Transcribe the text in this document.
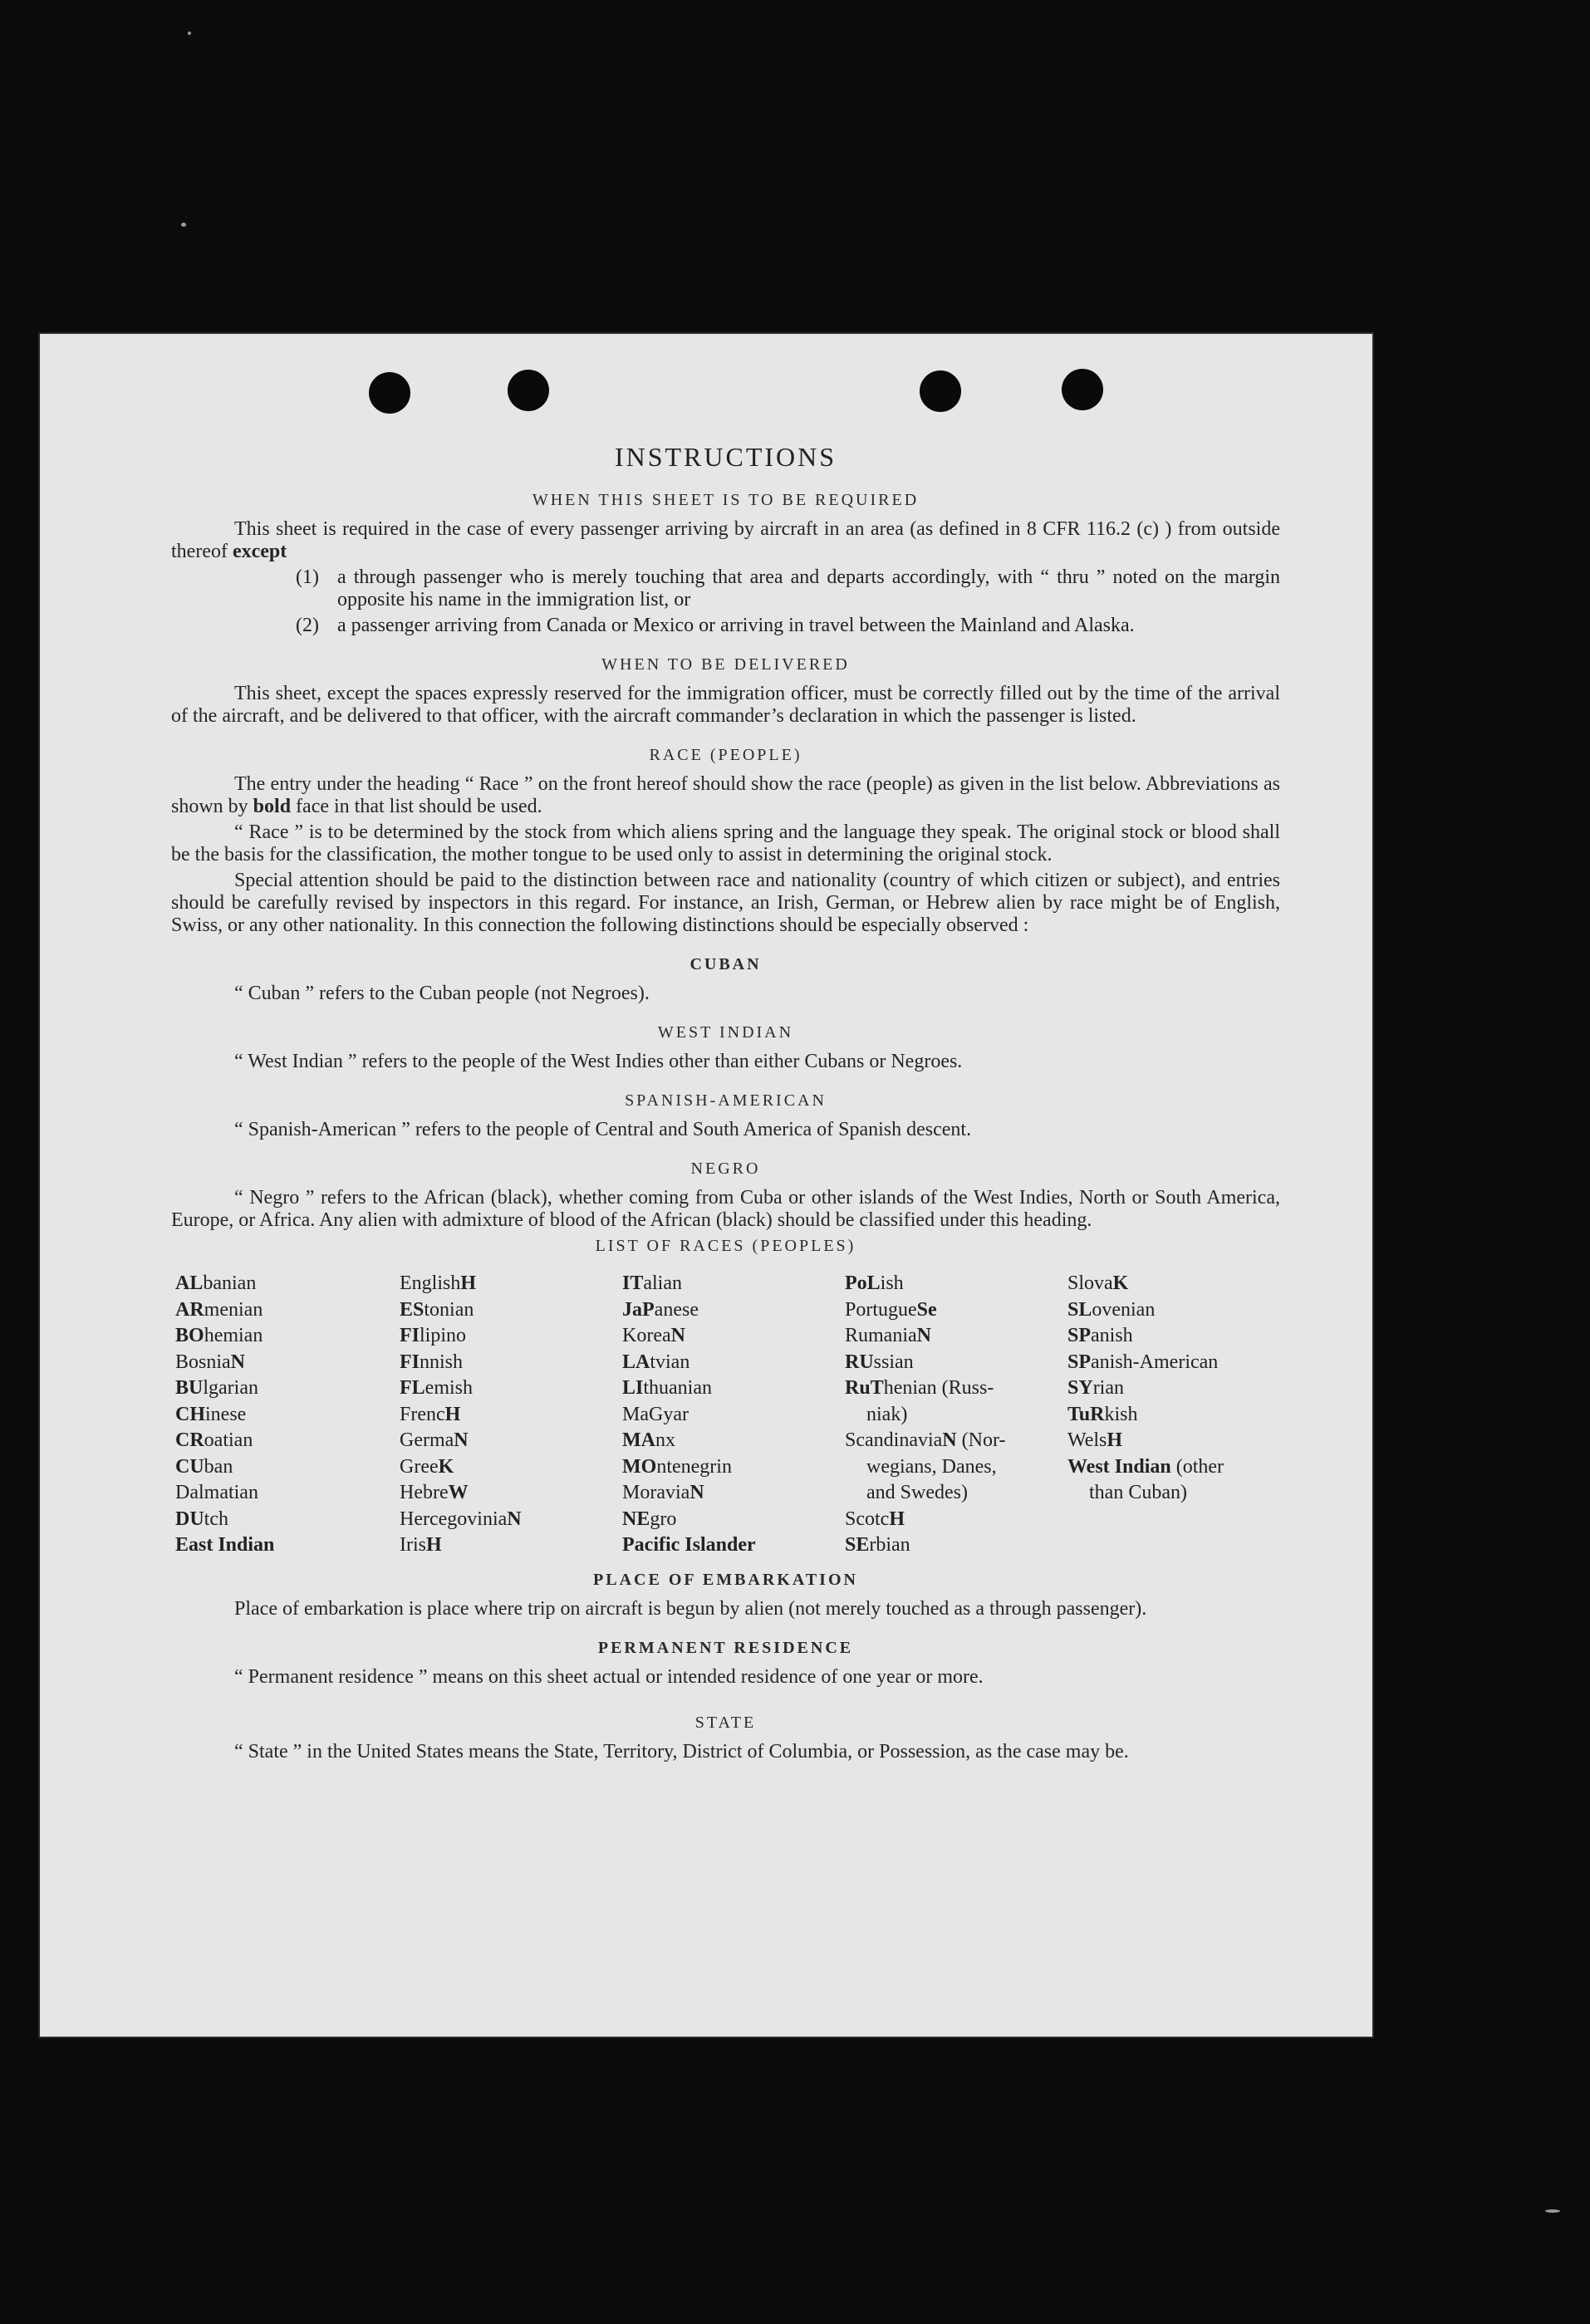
INSTRUCTIONS
WHEN THIS SHEET IS TO BE REQUIRED

This sheet is required in the case of every passenger arriving by aircraft in an area (as defined in 8 CFR 116.2 (c) ) from outside thereof except

(1) a through passenger who is merely touching that area and departs accordingly, with “ thru ” noted on the margin opposite his name in the immigration list, or
(2) a passenger arriving from Canada or Mexico or arriving in travel between the Mainland and Alaska.
WHEN TO BE DELIVERED

This sheet, except the spaces expressly reserved for the immigration officer, must be correctly filled out by the time of the arrival of the aircraft, and be delivered to that officer, with the aircraft commander’s declaration in which the passenger is listed.

RACE (PEOPLE)

The entry under the heading “ Race ” on the front hereof should show the race (people) as given in the list below. Abbreviations as shown by bold face in that list should be used.

“ Race ” is to be determined by the stock from which aliens spring and the language they speak. The original stock or blood shall be the basis for the classification, the mother tongue to be used only to assist in determining the original stock.

Special attention should be paid to the distinction between race and nationality (country of which citizen or subject), and entries should be carefully revised by inspectors in this regard. For instance, an Irish, German, or Hebrew alien by race might be of English, Swiss, or any other nationality. In this connection the following distinctions should be especially observed :

CUBAN

“ Cuban ” refers to the Cuban people (not Negroes).

WEST INDIAN

“ West Indian ” refers to the people of the West Indies other than either Cubans or Negroes.

SPANISH-AMERICAN

“ Spanish-American ” refers to the people of Central and South America of Spanish descent.

NEGRO

“ Negro ” refers to the African (black), whether coming from Cuba or other islands of the West Indies, North or South America, Europe, or Africa. Any alien with admixture of blood of the African (black) should be classified under this heading.

LIST OF RACES (PEOPLES)
ALbanian
ARmenian
BOhemian
BosniaN
BUlgarian
CHinese
CRoatian
CUban
Dalmatian
DUtch
East Indian
EnglishH
EStonian
FIlipino
FInnish
FLemish
FrencH
GermaN
GreeK
HebreW
HercegoviniaN
IrisH
ITalian
JaPanese
KoreaN
LAtvian
LIthuanian
MaGyar
MAnx
MOntenegrin
MoraviaN
NEgro
Pacific Islander
PoLish
PortugueSe
RumaniaN
RUssian
RuThenian (Russ-
niak)
ScandinaviaN (Nor-
wegians, Danes,
and Swedes)
ScotcH
SErbian
SlovaK
SLovenian
SPanish
SPanish-American
SYrian
TuRkish
WelsH
West Indian (other
than Cuban)
PLACE OF EMBARKATION

Place of embarkation is place where trip on aircraft is begun by alien (not merely touched as a through passenger).

PERMANENT RESIDENCE

“ Permanent residence ” means on this sheet actual or intended residence of one year or more.

STATE

“ State ” in the United States means the State, Territory, District of Columbia, or Possession, as the case may be.
